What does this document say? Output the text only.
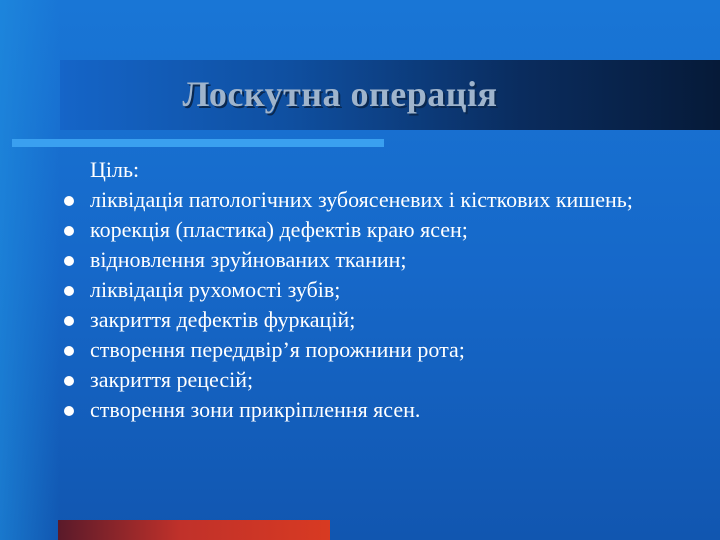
Лоскутна операція
Ціль:
ліквідація патологічних зубоясеневих і кісткових кишень;
корекція (пластика) дефектів краю ясен;
відновлення зруйнованих тканин;
ліквідація рухомості зубів;
закриття дефектів фуркацій;
створення переддвір’я порожнини рота;
закриття рецесій;
створення зони прикріплення ясен.
